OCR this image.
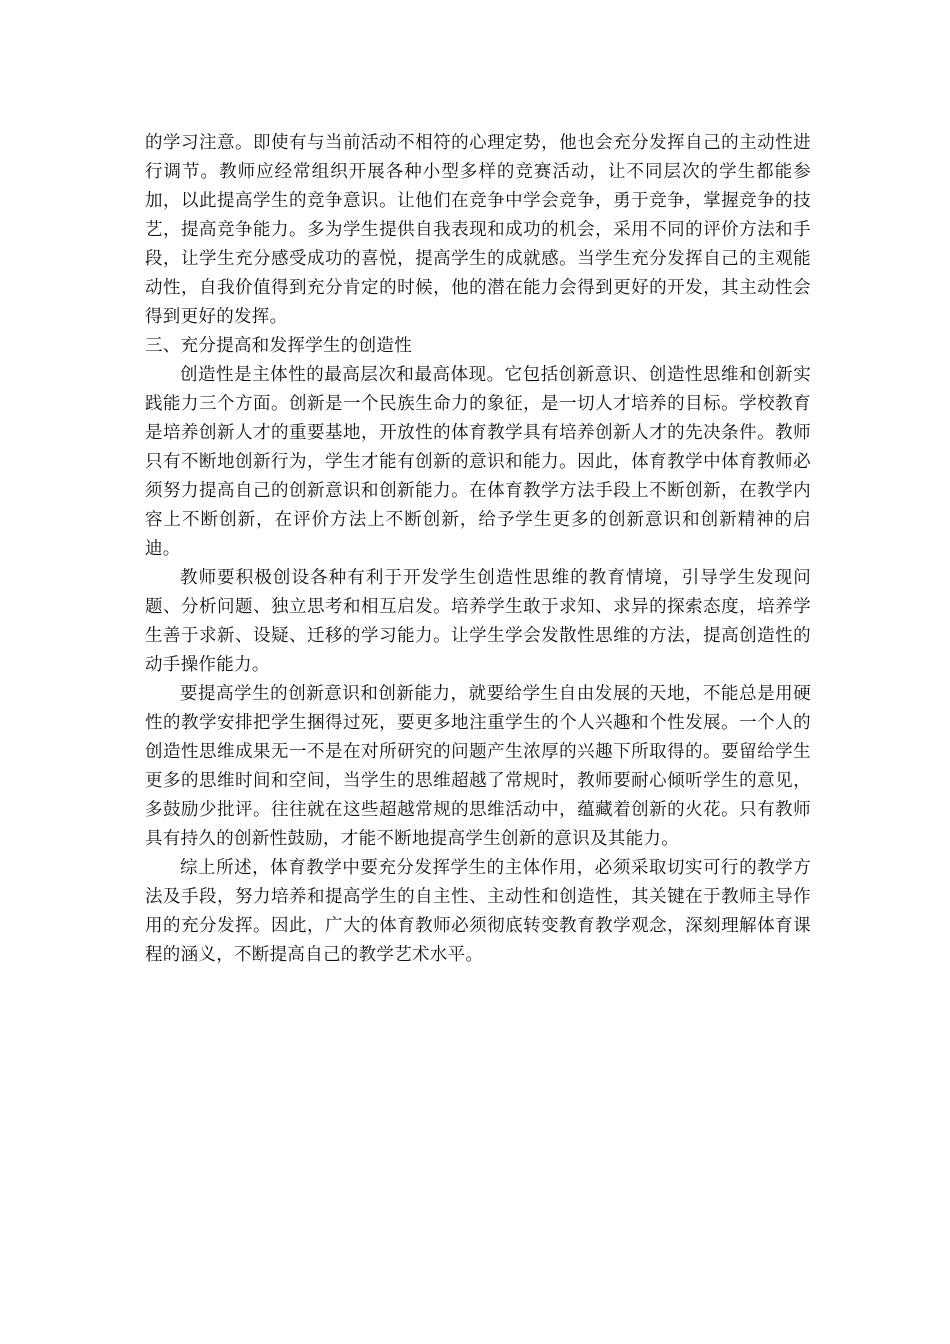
的学习注意。即使有与当前活动不相符的心理定势，他也会充分发挥自己的主动性进行调节。教师应经常组织开展各种小型多样的竞赛活动，让不同层次的学生都能参加，以此提高学生的竞争意识。让他们在竞争中学会竞争，勇于竞争，掌握竞争的技艺，提高竞争能力。多为学生提供自我表现和成功的机会，采用不同的评价方法和手段，让学生充分感受成功的喜悦，提高学生的成就感。当学生充分发挥自己的主观能动性，自我价值得到充分肯定的时候，他的潜在能力会得到更好的开发，其主动性会得到更好的发挥。

三、充分提高和发挥学生的创造性

创造性是主体性的最高层次和最高体现。它包括创新意识、创造性思维和创新实践能力三个方面。创新是一个民族生命力的象征，是一切人才培养的目标。学校教育是培养创新人才的重要基地，开放性的体育教学具有培养创新人才的先决条件。教师只有不断地创新行为，学生才能有创新的意识和能力。因此，体育教学中体育教师必须努力提高自己的创新意识和创新能力。在体育教学方法手段上不断创新，在教学内容上不断创新，在评价方法上不断创新，给予学生更多的创新意识和创新精神的启迪。

教师要积极创设各种有利于开发学生创造性思维的教育情境，引导学生发现问题、分析问题、独立思考和相互启发。培养学生敢于求知、求异的探索态度，培养学生善于求新、设疑、迁移的学习能力。让学生学会发散性思维的方法，提高创造性的动手操作能力。

要提高学生的创新意识和创新能力，就要给学生自由发展的天地，不能总是用硬性的教学安排把学生捆得过死，要更多地注重学生的个人兴趣和个性发展。一个人的创造性思维成果无一不是在对所研究的问题产生浓厚的兴趣下所取得的。要留给学生更多的思维时间和空间，当学生的思维超越了常规时，教师要耐心倾听学生的意见，多鼓励少批评。往往就在这些超越常规的思维活动中，蕴藏着创新的火花。只有教师具有持久的创新性鼓励，才能不断地提高学生创新的意识及其能力。

综上所述，体育教学中要充分发挥学生的主体作用，必须采取切实可行的教学方法及手段，努力培养和提高学生的自主性、主动性和创造性，其关键在于教师主导作用的充分发挥。因此，广大的体育教师必须彻底转变教育教学观念，深刻理解体育课程的涵义，不断提高自己的教学艺术水平。
